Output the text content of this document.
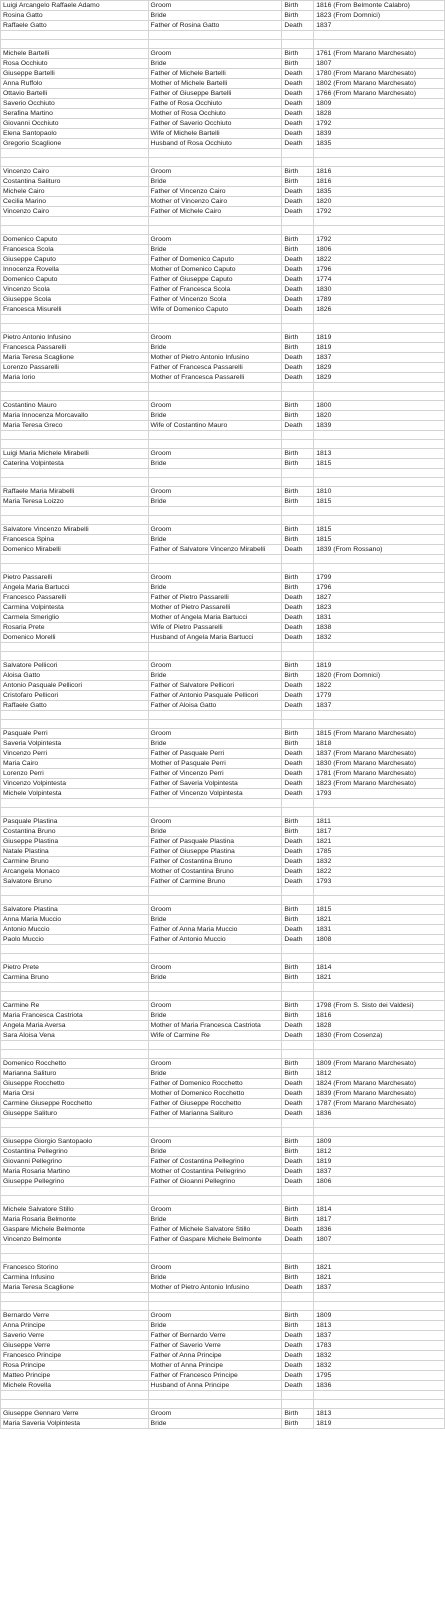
Luigi Arcangelo Raffaele Adamo	Groom	Birth	1816 (From Belmonte Calabro)
Rosina Gatto	Bride	Birth	1823 (From Domnici)
Raffaele Gatto	Father of Rosina Gatto	Death	1837

Michele Bartelli	Groom	Birth	1761 (From Marano Marchesato)
Rosa Occhiuto	Bride	Birth	1807
Giuseppe Bartelli	Father of Michele Bartelli	Death	1780 (From Marano Marchesato)
Anna Ruffolo	Mother of Michele Bartelli	Death	1802 (From Marano Marchesato)
Ottavio Bartelli	Father of Giuseppe Bartelli	Death	1766 (From Marano Marchesato)
Saverio Occhiuto	Fathe of Rosa Occhiuto	Death	1809
Serafina Martino	Mother of Rosa Occhiuto	Death	1828
Giovanni Occhiuto	Father of Saverio Occhiuto	Death	1792
Elena Santopaolo	Wife of Michele Bartelli	Death	1839
Gregorio Scaglione	Husband of Rosa Occhiuto	Death	1835

Vincenzo Cairo	Groom	Birth	1816
Costantina Salituro	Bride	Birth	1816
Michele Cairo	Father of Vincenzo Cairo	Death	1835
Cecilia Marino	Mother of Vincenzo Cairo	Death	1820
Vincenzo Cairo	Father of Michele Cairo	Death	1792

Domenico Caputo	Groom	Birth	1792
Francesca Scola	Bride	Birth	1806
Giuseppe Caputo	Father of Domenico Caputo	Death	1822
Innocenza Rovella	Mother of Domenico Caputo	Death	1796
Domenico Caputo	Father of Giuseppe Caputo	Death	1774
Vincenzo Scola	Father of Francesca Scola	Death	1830
Giuseppe Scola	Father of Vincenzo Scola	Death	1789
Francesca Misurelli	Wife of Domenico Caputo	Death	1826

Pietro Antonio Infusino	Groom	Birth	1819
Francesca Passarelli	Bride	Birth	1819
Maria Teresa Scaglione	Mother of Pietro Antonio Infusino	Death	1837
Lorenzo Passarelli	Father of Francesca Passarelli	Death	1829
Maria Iorio	Mother of Francesca Passarelli	Death	1829

Costantino Mauro	Groom	Birth	1800
Maria Innocenza Morcavallo	Bride	Birth	1820
Maria Teresa Greco	Wife of Costantino Mauro	Death	1839

Luigi Maria Michele Mirabelli	Groom	Birth	1813
Caterina Volpintesta	Bride	Birth	1815

Raffaele Maria Mirabelli	Groom	Birth	1810
Maria Teresa Loizzo	Bride	Birth	1815

Salvatore Vincenzo Mirabelli	Groom	Birth	1815
Francesca Spina	Bride	Birth	1815
Domenico Mirabelli	Father of Salvatore Vincenzo Mirabelli	Death	1839 (From Rossano)

Pietro Passarelli	Groom	Birth	1799
Angela Maria Bartucci	Bride	Birth	1796
Francesco Passarelli	Father of Pietro Passarelli	Death	1827
Carmina Volpintesta	Mother of Pietro Passarelli	Death	1823
Carmela Smeriglio	Mother of Angela Maria Bartucci	Death	1831
Rosaria Prete	Wife of Pietro Passarelli	Death	1838
Domenico Morelli	Husband of Angela Maria Bartucci	Death	1832

Salvatore Pellicori	Groom	Birth	1819
Aloisa Gatto	Bride	Birth	1820 (From Domnici)
Antonio Pasquale Pellicori	Father of Salvatore Pellicori	Death	1822
Cristofaro Pellicori	Father of Antonio Pasquale Pellicori	Death	1779
Raffaele Gatto	Father of Aloisa Gatto	Death	1837

Pasquale Perri	Groom	Birth	1815 (From Marano Marchesato)
Saveria Volpintesta	Bride	Birth	1818
Vincenzo Perri	Father of Pasquale Perri	Death	1837 (From Marano Marchesato)
Maria Cairo	Mother of Pasquale Perri	Death	1830 (From Marano Marchesato)
Lorenzo Perri	Father of Vincenzo Perri	Death	1781 (From Marano Marchesato)
Vincenzo Volpintesta	Father of Saveria Volpintesta	Death	1823 (From Marano Marchesato)
Michele Volpintesta	Father of Vincenzo Volpintesta	Death	1793

Pasquale Plastina	Groom	Birth	1811
Costantina Bruno	Bride	Birth	1817
Giuseppe Plastina	Father of Pasquale Plastina	Death	1821
Natale Plastina	Father of Giuseppe Plastina	Death	1785
Carmine Bruno	Father of Costantina Bruno	Death	1832
Arcangela Monaco	Mother of Costantina Bruno	Death	1822
Salvatore Bruno	Father of Carmine Bruno	Death	1793

Salvatore Plastina	Groom	Birth	1815
Anna Maria Muccio	Bride	Birth	1821
Antonio Muccio	Father of Anna Maria Muccio	Death	1831
Paolo Muccio	Father of Antonio Muccio	Death	1808

Pietro Prete	Groom	Birth	1814
Carmina Bruno	Bride	Birth	1821

Carmine Re	Groom	Birth	1798 (From S. Sisto dei Valdesi)
Maria Francesca Castriota	Bride	Birth	1816
Angela Maria Aversa	Mother of Maria Francesca Castriota	Death	1828
Sara Aloisa Vena	Wife of Carmine Re	Death	1830 (From Cosenza)

Domenico Rocchetto	Groom	Birth	1809 (From Marano Marchesato)
Marianna Salituro	Bride	Birth	1812
Giuseppe Rocchetto	Father of Domenico Rocchetto	Death	1824 (From Marano Marchesato)
Maria Orsi	Mother of Domenico Rocchetto	Death	1839 (From Marano Marchesato)
Carmine Giuseppe Rocchetto	Father of Giuseppe Rocchetto	Death	1787 (From Marano Marchesato)
Giuseppe Salituro	Father of Marianna Salituro	Death	1836

Giuseppe Giorgio Santopaolo	Groom	Birth	1809
Costantina Pellegrino	Bride	Birth	1812
Giovanni Pellegrino	Father of Costantina Pellegrino	Death	1819
Maria Rosaria Martino	Mother of Costantina Pellegrino	Death	1837
Giuseppe Pellegrino	Father of Gioanni Pellegrino	Death	1806

Michele Salvatore Stillo	Groom	Birth	1814
Maria Rosaria Belmonte	Bride	Birth	1817
Gaspare Michele Belmonte	Father of Michele Salvatore Stillo	Death	1836
Vincenzo Belmonte	Father of Gaspare Michele Belmonte	Death	1807

Francesco Storino	Groom	Birth	1821
Carmina Infusino	Bride	Birth	1821
Maria Teresa Scaglione	Mother of Pietro Antonio Infusino	Death	1837

Bernardo Verre	Groom	Birth	1809
Anna Principe	Bride	Birth	1813
Saverio Verre	Father of Bernardo Verre	Death	1837
Giuseppe Verre	Father of Saverio Verre	Death	1783
Francesco Principe	Father of Anna Principe	Death	1832
Rosa Principe	Mother of Anna Principe	Death	1832
Matteo Principe	Father of Francesco Principe	Death	1795
Michele Rovella	Husband of Anna Principe	Death	1836

Giuseppe Gennaro Verre	Groom	Birth	1813
Maria Saveria Volpintesta	Bride	Birth	1819
